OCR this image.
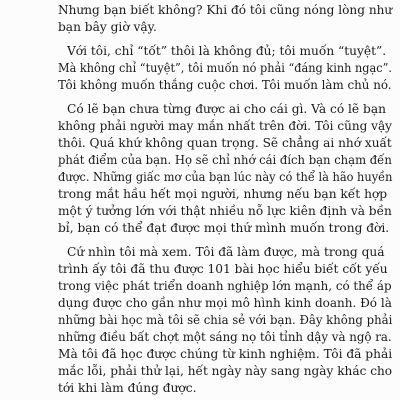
Nhưng bạn biết không? Khi đó tôi cũng nóng lòng như
bạn bây giờ vậy.
Với tôi, chỉ “tốt” thôi là không đủ; tôi muốn “tuyệt”.
Mà không chỉ “tuyệt”, tôi muốn nó phải “đáng kinh ngạc”.
Tôi không muốn thắng cuộc chơi. Tôi muốn làm chủ nó.
Có lẽ bạn chưa từng được ai cho cái gì. Và có lẽ bạn
không phải người may mắn nhất trên đời. Tôi cũng vậy
thôi. Quá khứ không quan trọng. Sẽ chẳng ai nhớ xuất
phát điểm của bạn. Họ sẽ chỉ nhớ cái đích bạn chạm đến
được. Những giấc mơ của bạn lúc này có thể là hão huyền
trong mắt hầu hết mọi người, nhưng nếu bạn kết hợp
một ý tưởng lớn với thật nhiều nỗ lực kiên định và bền
bỉ, bạn có thể đạt được mọi thứ mình muốn trong đời.
Cứ nhìn tôi mà xem. Tôi đã làm được, mà trong quá
trình ấy tôi đã thu được 101 bài học hiểu biết cốt yếu
trong việc phát triển doanh nghiệp lớn mạnh, có thể áp
dụng được cho gần như mọi mô hình kinh doanh. Đó là
những bài học mà tôi sẽ chia sẻ với bạn. Đây không phải
những điều bất chợt một sáng nọ tôi tỉnh dậy và ngộ ra.
Mà tôi đã học được chúng từ kinh nghiệm. Tôi đã phải
mắc lỗi, phải thử lại, hết ngày này sang ngày khác cho
tới khi làm đúng được.
